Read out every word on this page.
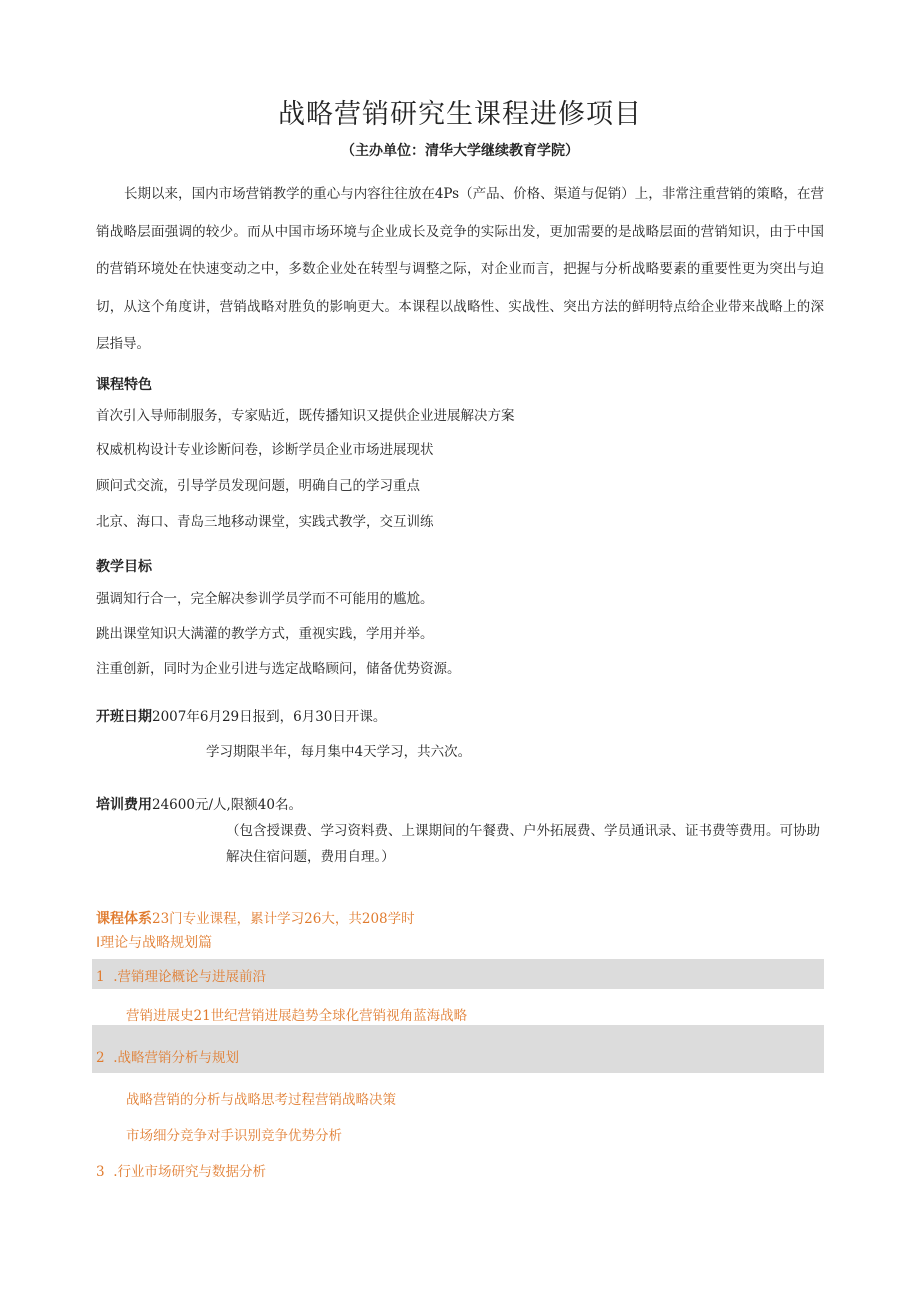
战略营销研究生课程进修项目
（主办单位：清华大学继续教育学院）

长期以来，国内市场营销教学的重心与内容往往放在4Ps（产品、价格、渠道与促销）上，非常注重营销的策略，在营销战略层面强调的较少。而从中国市场环境与企业成长及竞争的实际出发，更加需要的是战略层面的营销知识，由于中国的营销环境处在快速变动之中，多数企业处在转型与调整之际，对企业而言，把握与分析战略要素的重要性更为突出与迫切，从这个角度讲，营销战略对胜负的影响更大。本课程以战略性、实战性、突出方法的鲜明特点给企业带来战略上的深层指导。

课程特色
首次引入导师制服务，专家贴近，既传播知识又提供企业进展解决方案
权威机构设计专业诊断问卷，诊断学员企业市场进展现状
顾问式交流，引导学员发现问题，明确自己的学习重点
北京、海口、青岛三地移动课堂，实践式教学，交互训练
教学目标
强调知行合一，完全解决参训学员学而不可能用的尴尬。
跳出课堂知识大满灌的教学方式，重视实践，学用并举。
注重创新，同时为企业引进与选定战略顾问，储备优势资源。
开班日期2007年6月29日报到，6月30日开课。
学习期限半年，每月集中4天学习，共六次。
培训费用24600元/人,限额40名。

（包含授课费、学习资料费、上课期间的午餐费、户外拓展费、学员通讯录、证书费等费用。可协助解决住宿问题，费用自理。）

课程体系23门专业课程，累计学习26大，共208学时
I理论与战略规划篇
1 .营销理论概论与进展前沿
营销进展史21世纪营销进展趋势全球化营销视角蓝海战略
2 .战略营销分析与规划
战略营销的分析与战略思考过程营销战略决策
市场细分竞争对手识别竞争优势分析
3 .行业市场研究与数据分析
